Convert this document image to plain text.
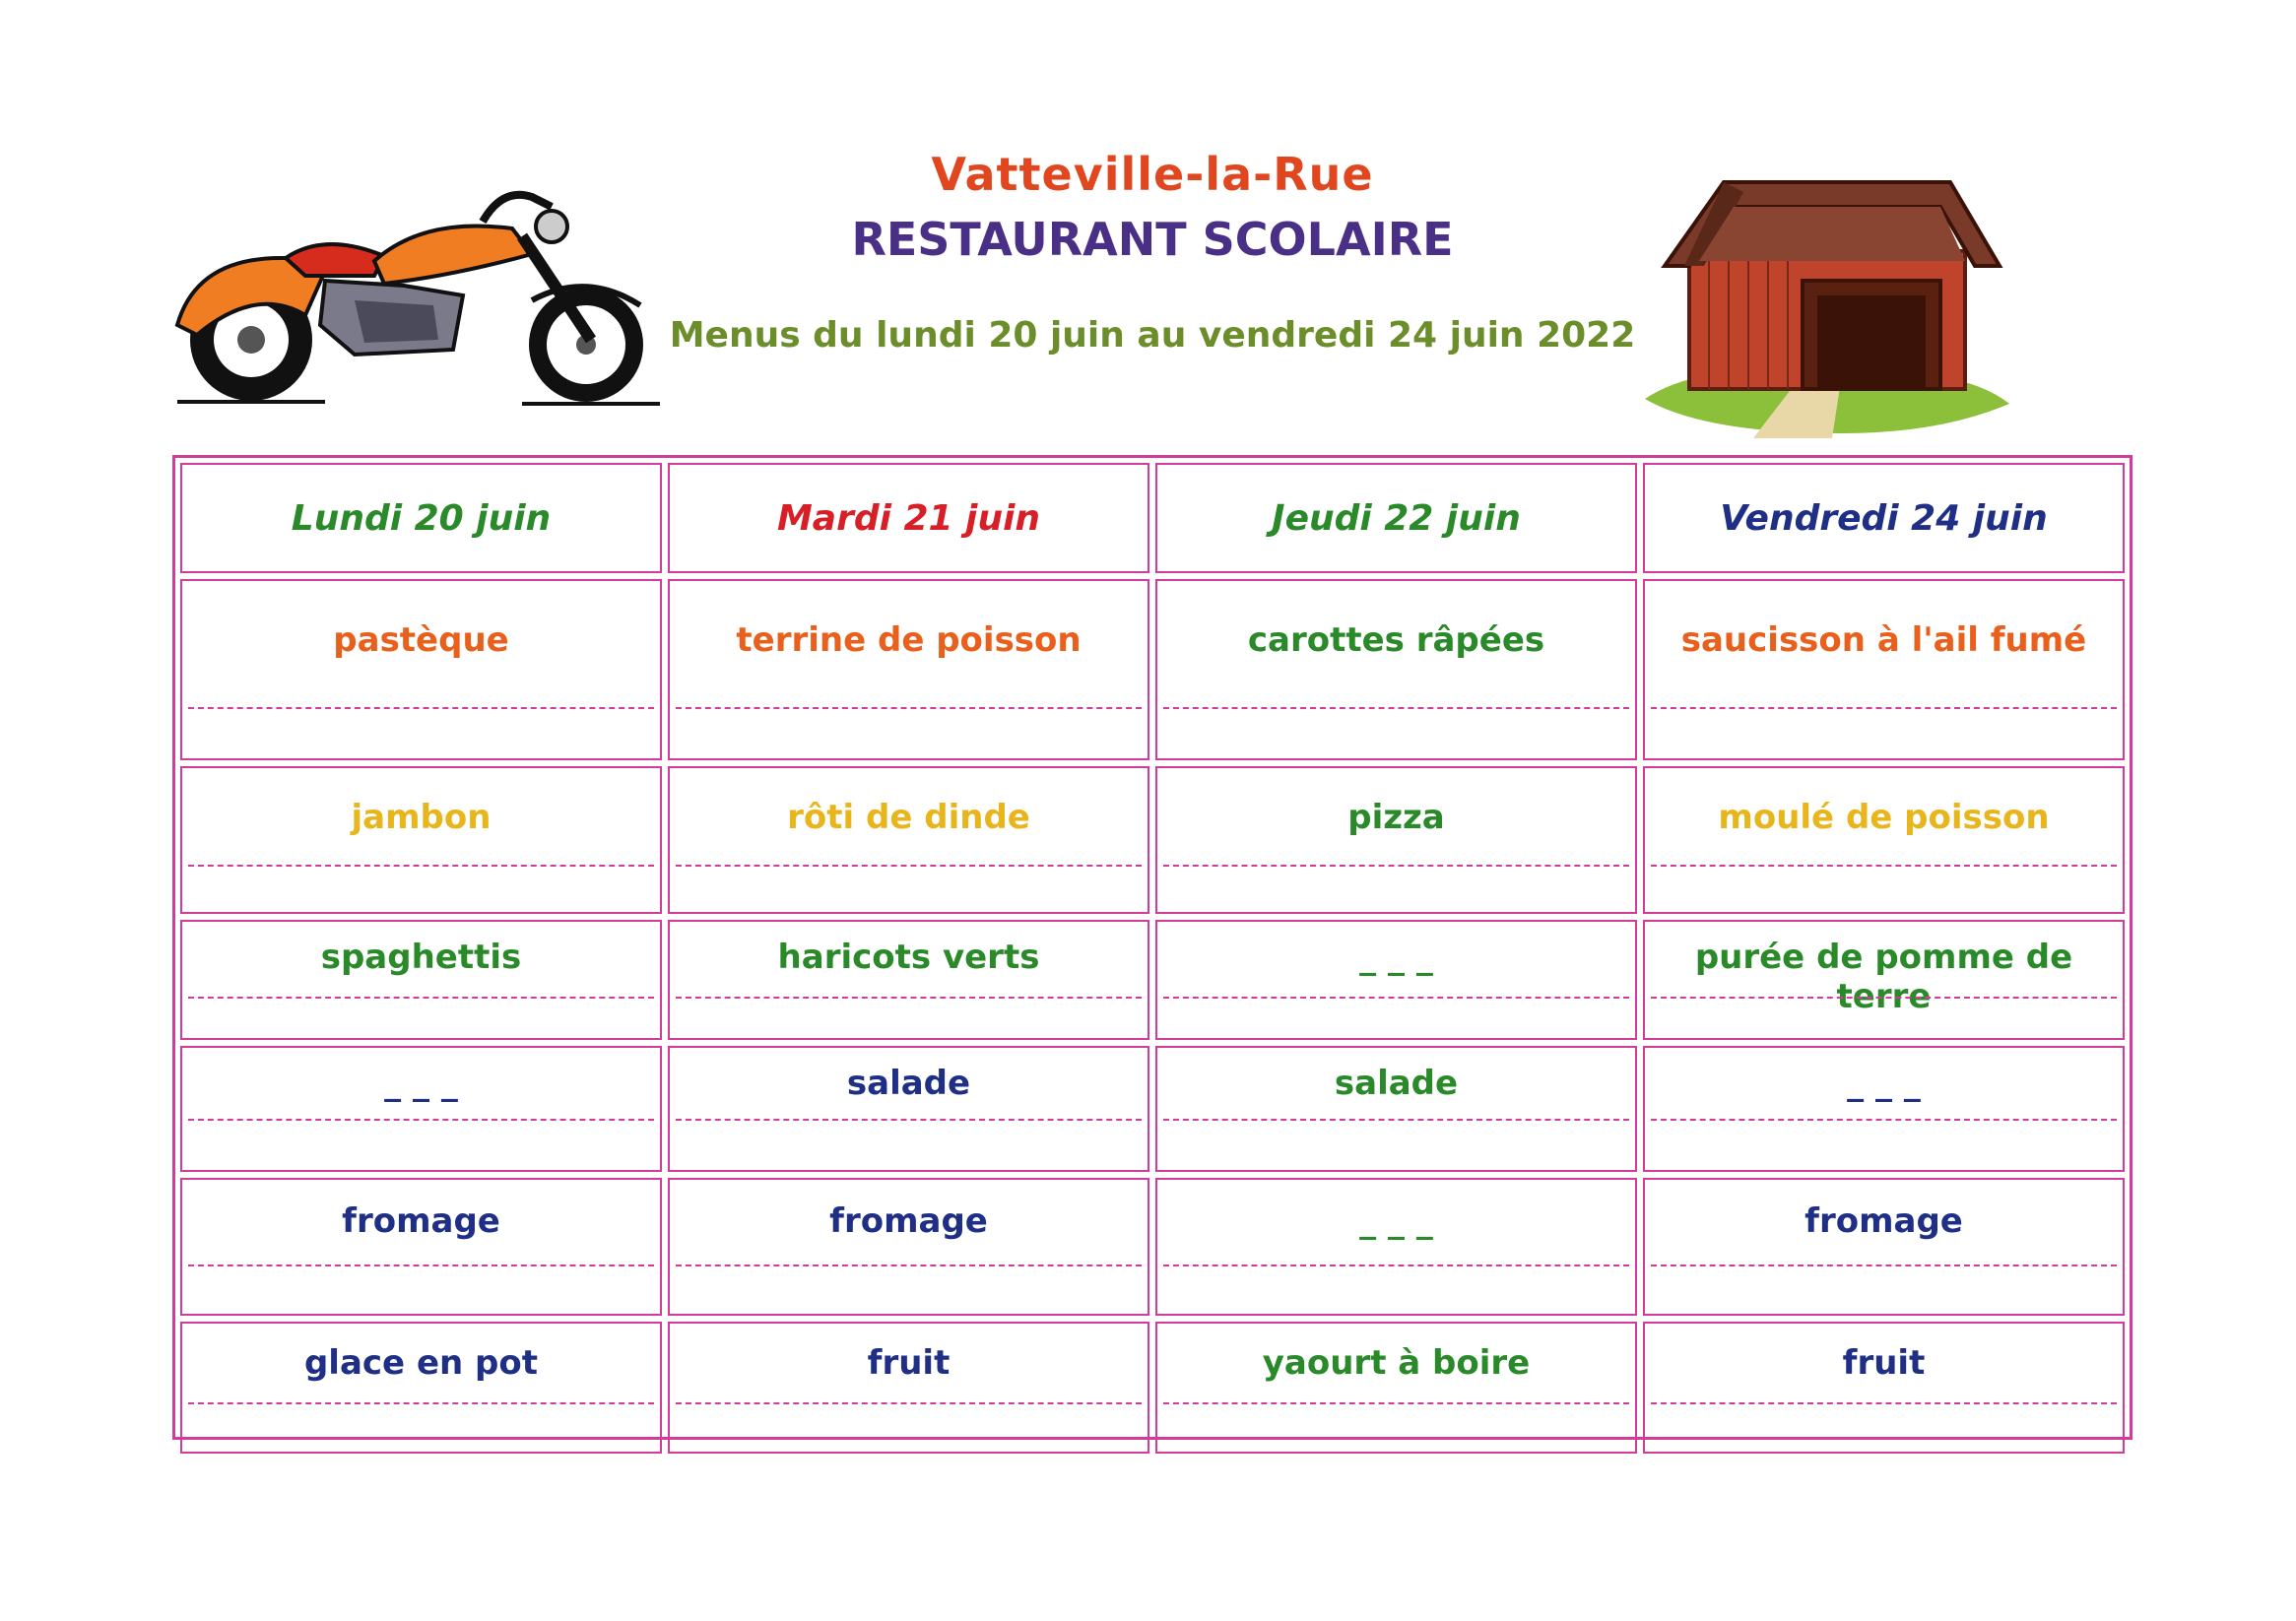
Vatteville-la-Rue

RESTAURANT SCOLAIRE

Menus du lundi 20 juin au vendredi 24 juin 2022

Lundi 20 juin	Mardi 21 juin	Jeudi 22 juin	Vendredi 24 juin
pastèque	terrine de poisson	carottes râpées	saucisson à l'ail fumé
jambon	rôti de dinde	pizza	moulé de poisson
spaghettis	haricots verts	_ _ _	purée de pomme de terre
_ _ _	salade	salade	_ _ _
fromage	fromage	_ _ _	fromage
glace en pot	fruit	yaourt à boire	fruit
